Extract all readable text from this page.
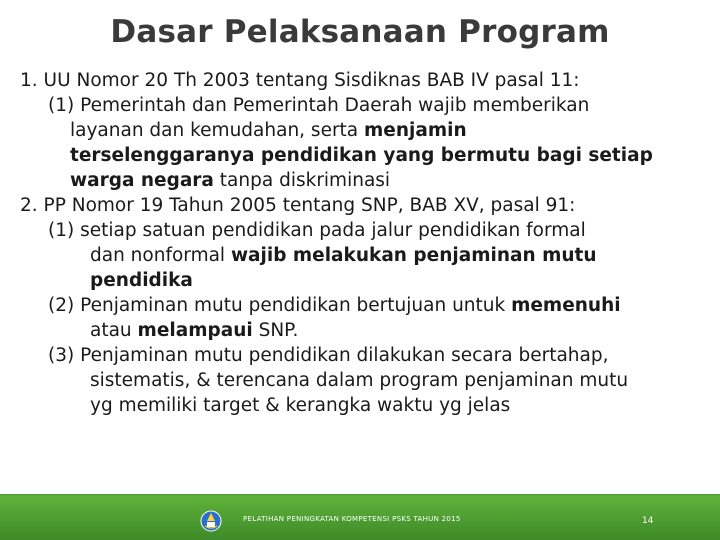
Dasar Pelaksanaan Program
1. UU Nomor 20 Th 2003 tentang Sisdiknas BAB IV pasal 11:
(1) Pemerintah dan Pemerintah Daerah wajib memberikan
layanan dan kemudahan, serta menjamin
terselenggaranya pendidikan yang bermutu bagi setiap
warga negara tanpa diskriminasi
2. PP Nomor 19 Tahun 2005 tentang SNP, BAB XV, pasal 91:
(1) setiap satuan pendidikan pada jalur pendidikan formal
dan nonformal wajib melakukan penjaminan mutu
pendidika
(2) Penjaminan mutu pendidikan bertujuan untuk memenuhi
atau melampaui SNP.
(3) Penjaminan mutu pendidikan dilakukan secara bertahap,
sistematis, & terencana dalam program penjaminan mutu
yg memiliki target & kerangka waktu yg jelas
PELATIHAN PENINGKATAN KOMPETENSI PSKS TAHUN 2015	14
